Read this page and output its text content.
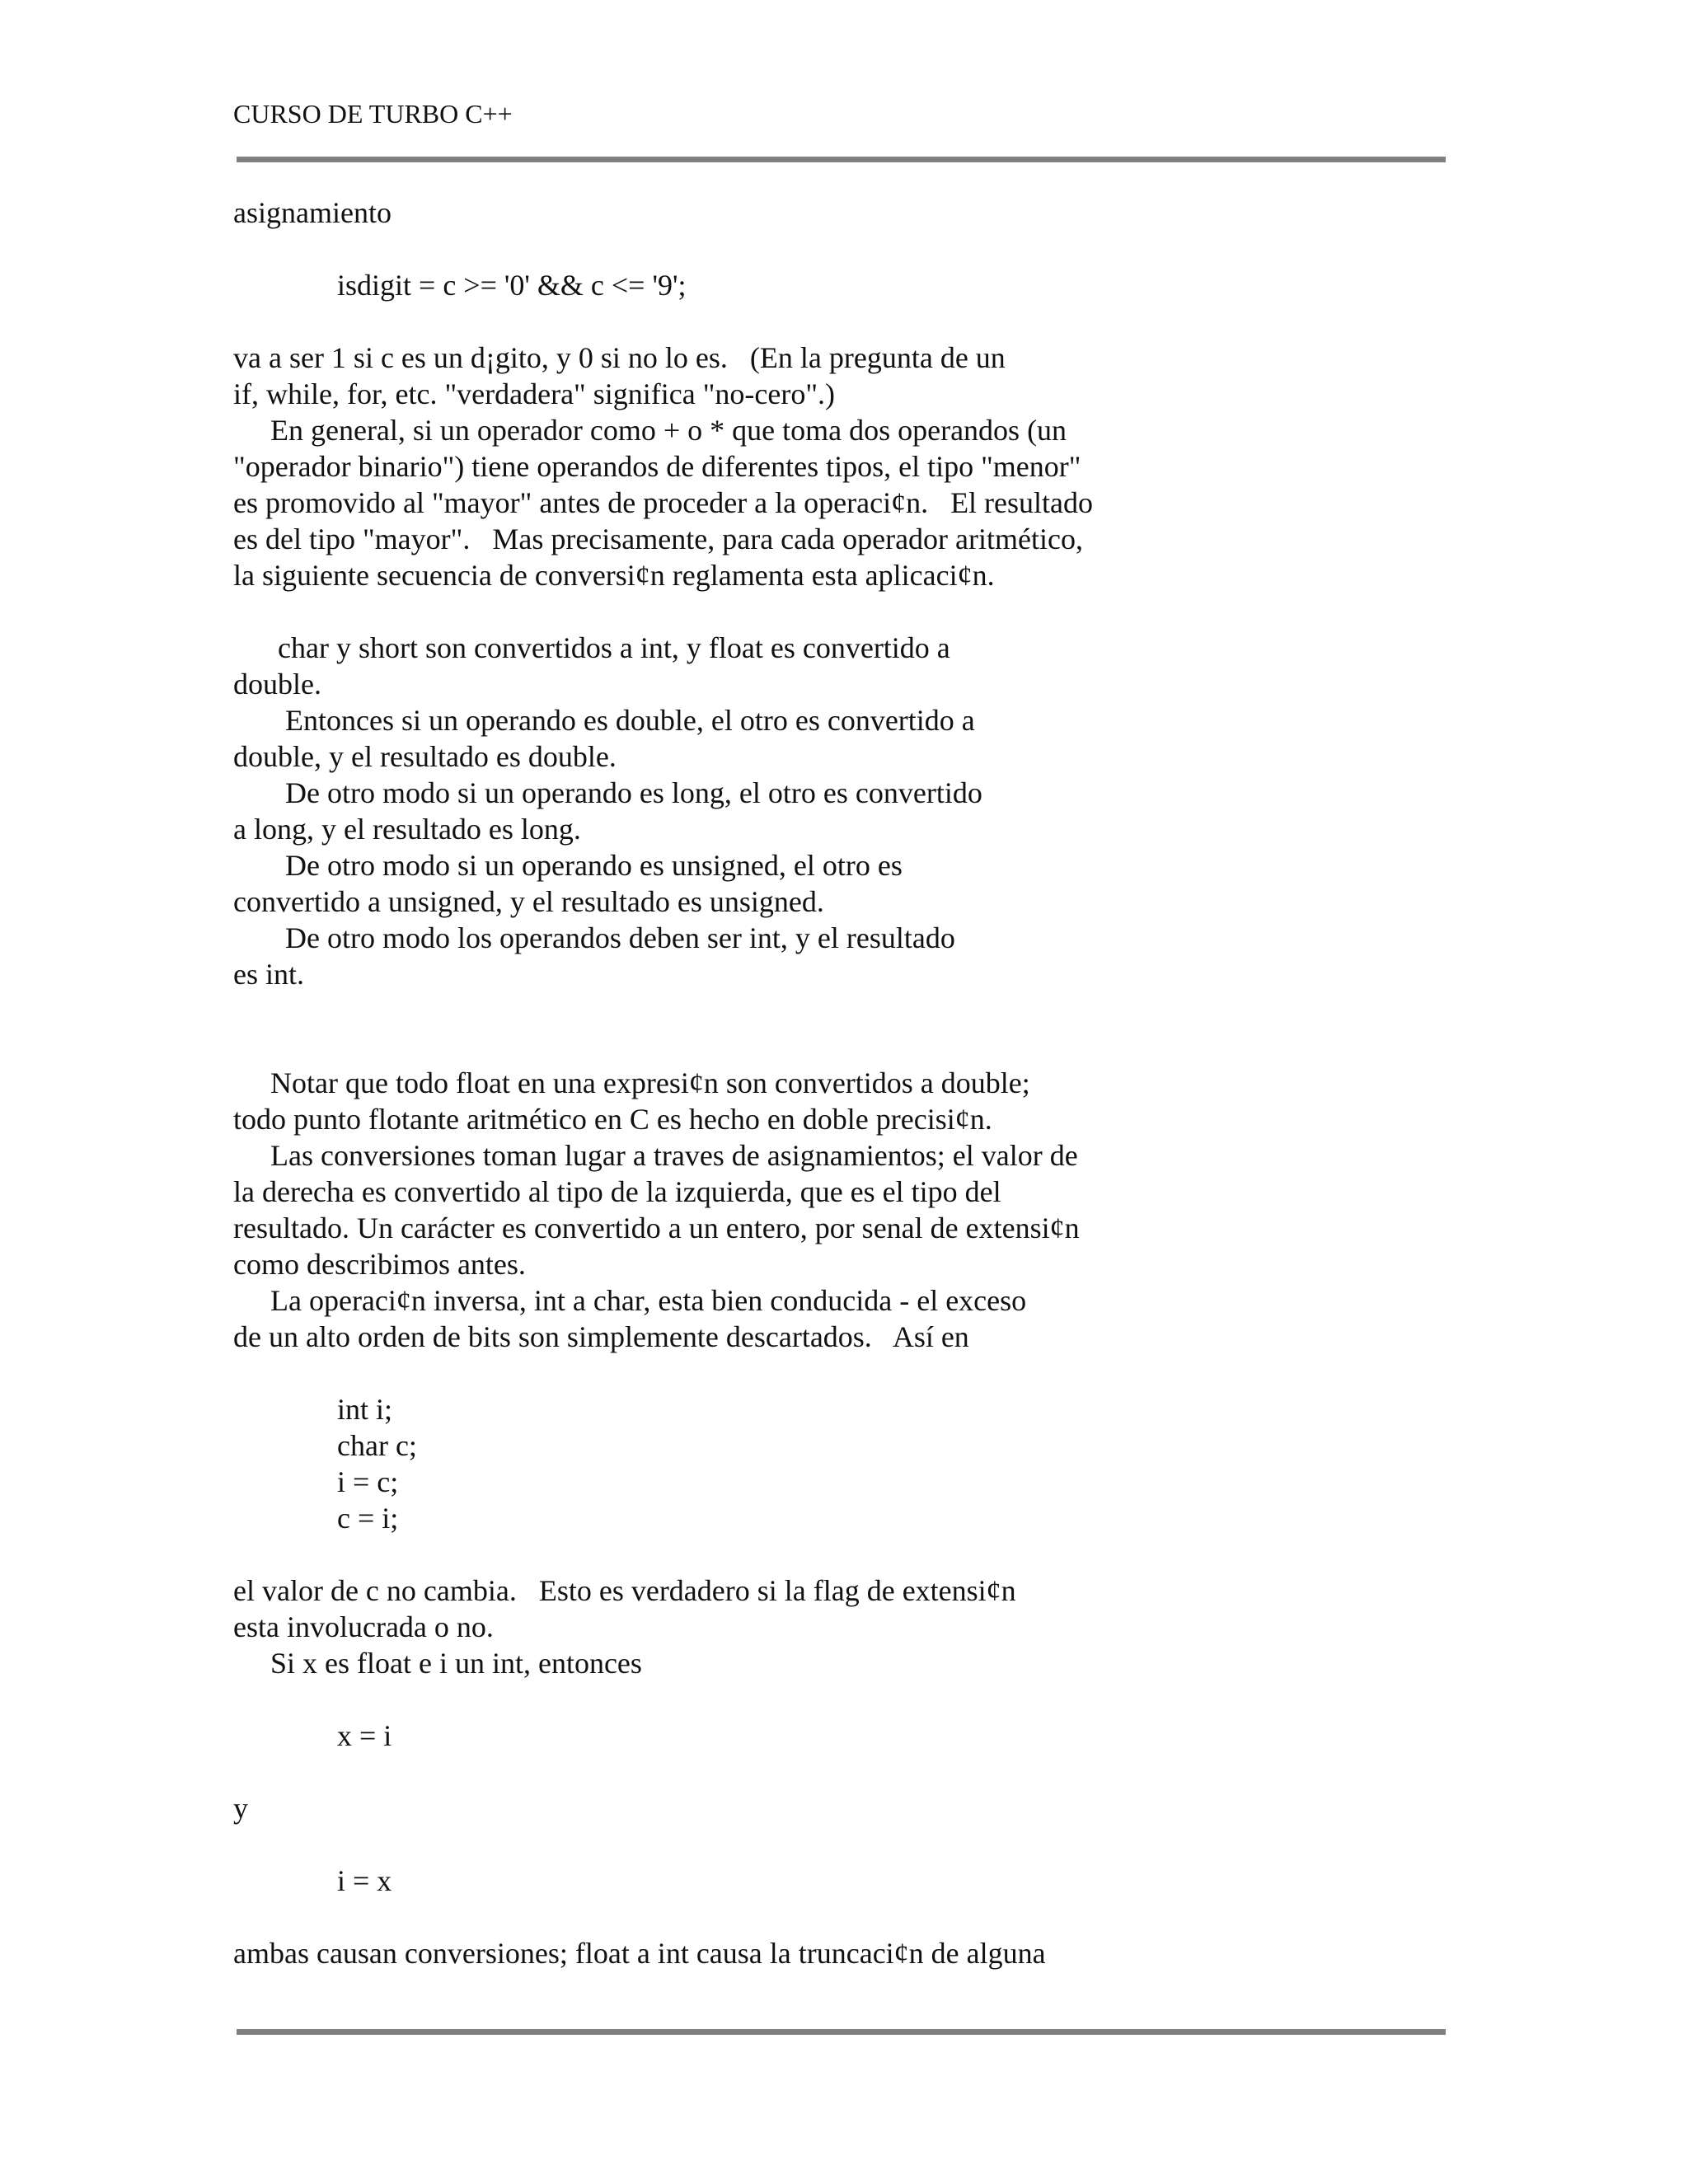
CURSO DE TURBO C++
asignamiento
isdigit = c >= '0' && c <= '9';
va a ser 1 si c es un d¡gito, y 0 si no lo es.   (En la pregunta de un
if, while, for, etc. "verdadera" significa "no-cero".)
En general, si un operador como + o * que toma dos operandos (un
"operador binario") tiene operandos de diferentes tipos, el tipo "menor"
es promovido al "mayor" antes de proceder a la operaci¢n.   El resultado
es del tipo "mayor".   Mas precisamente, para cada operador aritmético,
la siguiente secuencia de conversi¢n reglamenta esta aplicaci¢n.
char y short son convertidos a int, y float es convertido a
double.
Entonces si un operando es double, el otro es convertido a
double, y el resultado es double.
De otro modo si un operando es long, el otro es convertido
a long, y el resultado es long.
De otro modo si un operando es unsigned, el otro es
convertido a unsigned, y el resultado es unsigned.
De otro modo los operandos deben ser int, y el resultado
es int.
Notar que todo float en una expresi¢n son convertidos a double;
todo punto flotante aritmético en C es hecho en doble precisi¢n.
Las conversiones toman lugar a traves de asignamientos; el valor de
la derecha es convertido al tipo de la izquierda, que es el tipo del
resultado. Un carácter es convertido a un entero, por senal de extensi¢n
como describimos antes.
La operaci¢n inversa, int a char, esta bien conducida - el exceso
de un alto orden de bits son simplemente descartados.   Así en
int i;
char c;
i = c;
c = i;
el valor de c no cambia.   Esto es verdadero si la flag de extensi¢n
esta involucrada o no.
Si x es float e i un int, entonces
x = i
y
i = x
ambas causan conversiones; float a int causa la truncaci¢n de alguna
